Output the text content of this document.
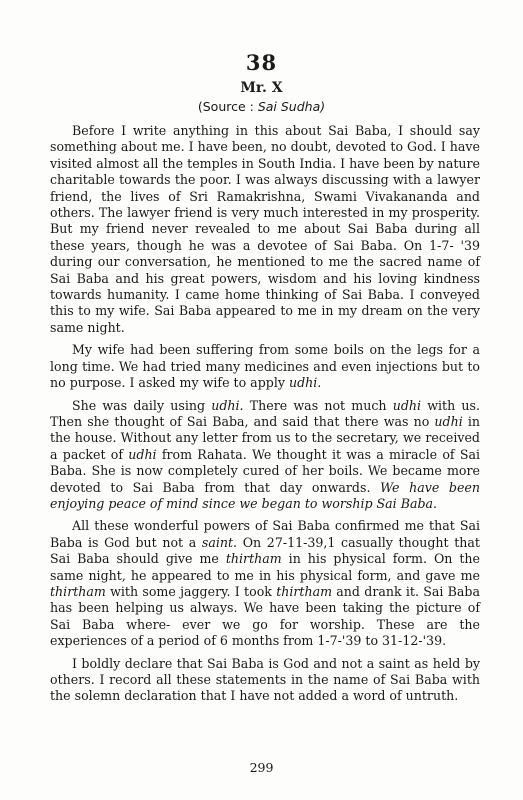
38
Mr. X
(Source : Sai Sudha)

Before I write anything in this about Sai Baba, I should say something about me. I have been, no doubt, devoted to God. I have visited almost all the temples in South India. I have been by nature charitable towards the poor. I was always discussing with a lawyer friend, the lives of Sri Ramakrishna, Swami Vivakananda and others. The lawyer friend is very much interested in my prosperity. But my friend never revealed to me about Sai Baba during all these years, though he was a devotee of Sai Baba. On 1-7- '39 during our conversation, he mentioned to me the sacred name of Sai Baba and his great powers, wisdom and his loving kindness towards humanity. I came home thinking of Sai Baba. I conveyed this to my wife. Sai Baba appeared to me in my dream on the very same night.

My wife had been suffering from some boils on the legs for a long time. We had tried many medicines and even injections but to no purpose. I asked my wife to apply udhi.

She was daily using udhi. There was not much udhi with us. Then she thought of Sai Baba, and said that there was no udhi in the house. Without any letter from us to the secretary, we received a packet of udhi from Rahata. We thought it was a miracle of Sai Baba. She is now completely cured of her boils. We became more devoted to Sai Baba from that day onwards. We have been enjoying peace of mind since we began to worship Sai Baba.

All these wonderful powers of Sai Baba confirmed me that Sai Baba is God but not a saint. On 27-11-39,1 casually thought that Sai Baba should give me thirtham in his physical form. On the same night, he appeared to me in his physical form, and gave me thirtham with some jaggery. I took thirtham and drank it. Sai Baba has been helping us always. We have been taking the picture of Sai Baba where- ever we go for worship. These are the experiences of a period of 6 months from 1-7-'39 to 31-12-'39.

I boldly declare that Sai Baba is God and not a saint as held by others. I record all these statements in the name of Sai Baba with the solemn declaration that I have not added a word of untruth.

299
